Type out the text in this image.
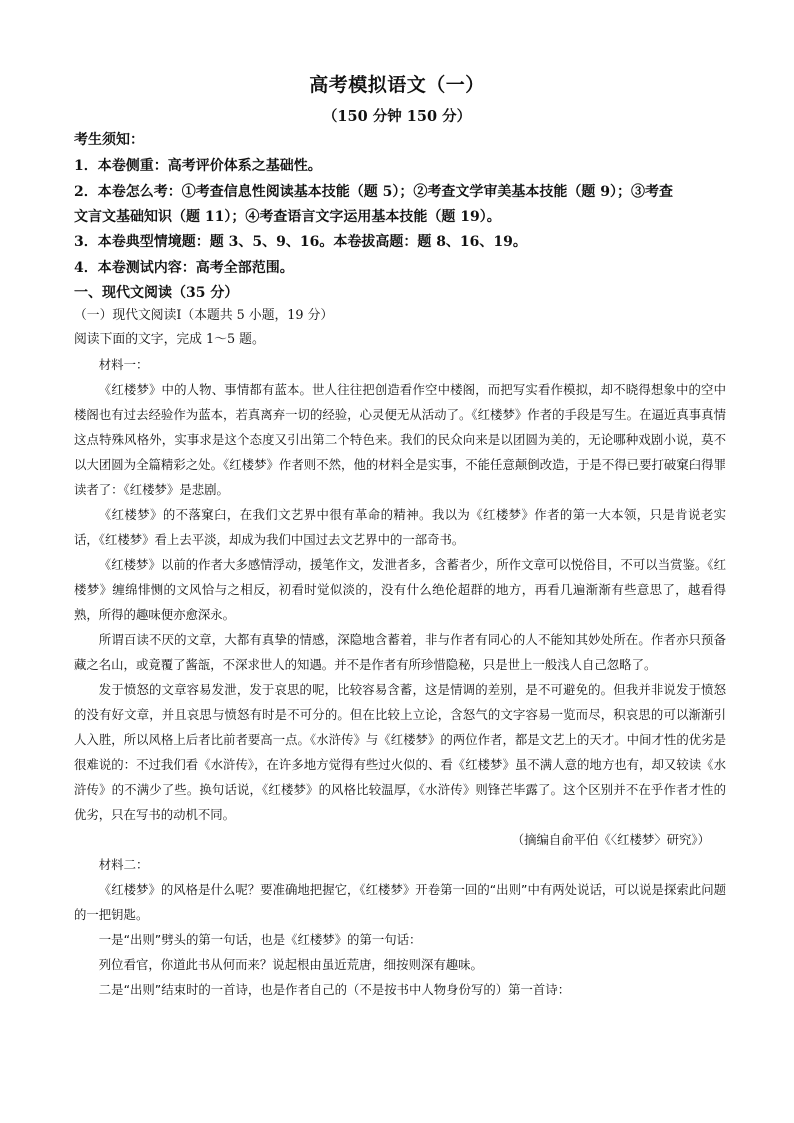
高考模拟语文（一）
（150 分钟 150 分）
考生须知：
1．本卷侧重：高考评价体系之基础性。
2．本卷怎么考：①考查信息性阅读基本技能（题 5）；②考查文学审美基本技能（题 9）；③考查
文言文基础知识（题 11）；④考查语言文字运用基本技能（题 19）。
3．本卷典型情境题：题 3、5、9、16。本卷拔高题：题 8、16、19。
4．本卷测试内容：高考全部范围。
一、现代文阅读（35 分）
（一）现代文阅读Ⅰ（本题共 5 小题，19 分）
阅读下面的文字，完成 1～5 题。

材料一：

《红楼梦》中的人物、事情都有蓝本。世人往往把创造看作空中楼阁，而把写实看作模拟，却不晓得想象中的空中楼阁也有过去经验作为蓝本，若真离弃一切的经验，心灵便无从活动了。《红楼梦》作者的手段是写生。在逼近真事真情这点特殊风格外，实事求是这个态度又引出第二个特色来。我们的民众向来是以团圆为美的，无论哪种戏剧小说，莫不以大团圆为全篇精彩之处。《红楼梦》作者则不然，他的材料全是实事，不能任意颠倒改造，于是不得已要打破窠臼得罪读者了：《红楼梦》是悲剧。

《红楼梦》的不落窠臼，在我们文艺界中很有革命的精神。我以为《红楼梦》作者的第一大本领，只是肯说老实话，《红楼梦》看上去平淡，却成为我们中国过去文艺界中的一部奇书。

《红楼梦》以前的作者大多感情浮动，援笔作文，发泄者多，含蓄者少，所作文章可以悦俗目，不可以当赏鉴。《红楼梦》缠绵悱恻的文风恰与之相反，初看时觉似淡的，没有什么绝伦超群的地方，再看几遍渐渐有些意思了，越看得熟，所得的趣味便亦愈深永。

所谓百读不厌的文章，大都有真挚的情感，深隐地含蓄着，非与作者有同心的人不能知其妙处所在。作者亦只预备藏之名山，或竟覆了酱瓿，不深求世人的知遇。并不是作者有所珍惜隐秘，只是世上一般浅人自己忽略了。

发于愤怒的文章容易发泄，发于哀思的呢，比较容易含蓄，这是情调的差别，是不可避免的。但我并非说发于愤怒的没有好文章，并且哀思与愤怒有时是不可分的。但在比较上立论，含怒气的文字容易一览而尽，积哀思的可以渐渐引人入胜，所以风格上后者比前者要高一点。《水浒传》与《红楼梦》的两位作者，都是文艺上的天才。中间才性的优劣是很难说的：不过我们看《水浒传》，在许多地方觉得有些过火似的、看《红楼梦》虽不满人意的地方也有，却又较读《水浒传》的不满少了些。换句话说，《红楼梦》的风格比较温厚，《水浒传》则锋芒毕露了。这个区别并不在乎作者才性的优劣，只在写书的动机不同。

（摘编自俞平伯《〈红楼梦〉研究》）

材料二：

《红楼梦》的风格是什么呢？要准确地把握它，《红楼梦》开卷第一回的“出则”中有两处说话，可以说是探索此问题的一把钥匙。

一是“出则”劈头的第一句话，也是《红楼梦》的第一句话：

列位看官，你道此书从何而来？说起根由虽近荒唐，细按则深有趣味。

二是“出则”结束时的一首诗，也是作者自己的（不是按书中人物身份写的）第一首诗：
